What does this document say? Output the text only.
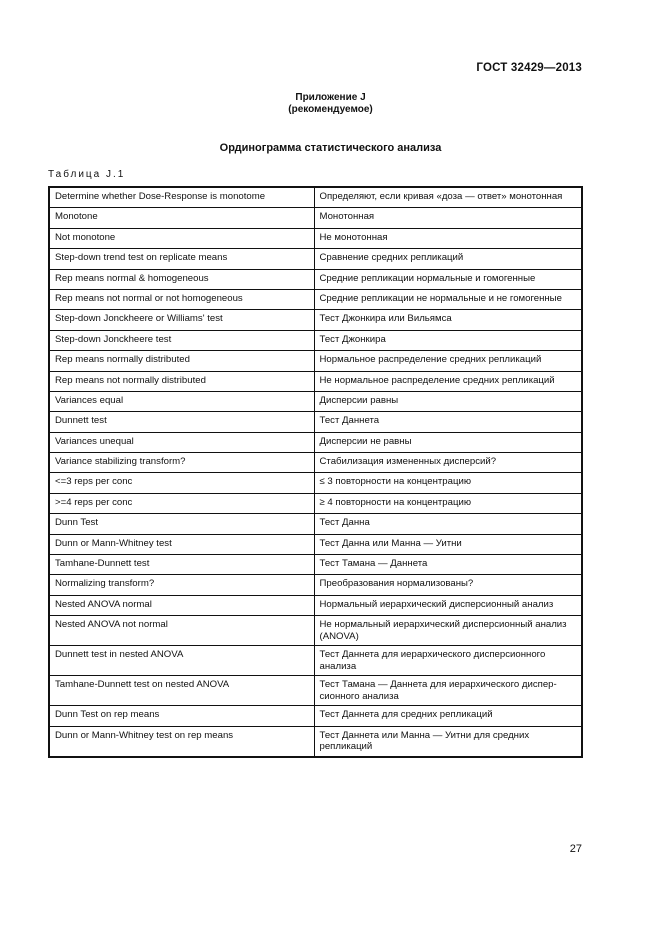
ГОСТ 32429—2013
Приложение J
(рекомендуемое)
Ординограмма статистического анализа
Таблица J.1
Determine whether Dose-Response is monotome	Определяют, если кривая «доза — ответ» монотонная
Monotone	Монотонная
Not monotone	Не монотонная
Step-down trend test on replicate means	Сравнение средних репликаций
Rep means normal & homogeneous	Средние репликации нормальные и гомогенные
Rep means not normal or not homogeneous	Средние репликации не нормальные и не гомогенные
Step-down Jonckheere or Williams' test	Тест Джонкира или Вильямса
Step-down Jonckheere test	Тест Джонкира
Rep means normally distributed	Нормальное распределение средних репликаций
Rep means not normally distributed	Не нормальное распределение средних репликаций
Variances equal	Дисперсии равны
Dunnett test	Тест Даннета
Variances unequal	Дисперсии не равны
Variance stabilizing transform?	Стабилизация измененных дисперсий?
<=3 reps per conc	≤ 3 повторности на концентрацию
>=4 reps per conc	≥ 4 повторности на концентрацию
Dunn Test	Тест Данна
Dunn or Mann-Whitney test	Тест Данна или Манна — Уитни
Tamhane-Dunnett test	Тест Тамана — Даннета
Normalizing transform?	Преобразования нормализованы?
Nested ANOVA normal	Нормальный иерархический дисперсионный анализ
Nested ANOVA not normal	Не нормальный иерархический дисперсионный анализ (ANOVA)
Dunnett test in nested ANOVA	Тест Даннета для иерархического дисперсионного анализа
Tamhane-Dunnett test on nested ANOVA	Тест Тамана — Даннета для иерархического диспер-сионного анализа
Dunn Test on rep means	Тест Даннета для средних репликаций
Dunn or Mann-Whitney test on rep means	Тест Даннета или Манна — Уитни для средних репликаций
27
